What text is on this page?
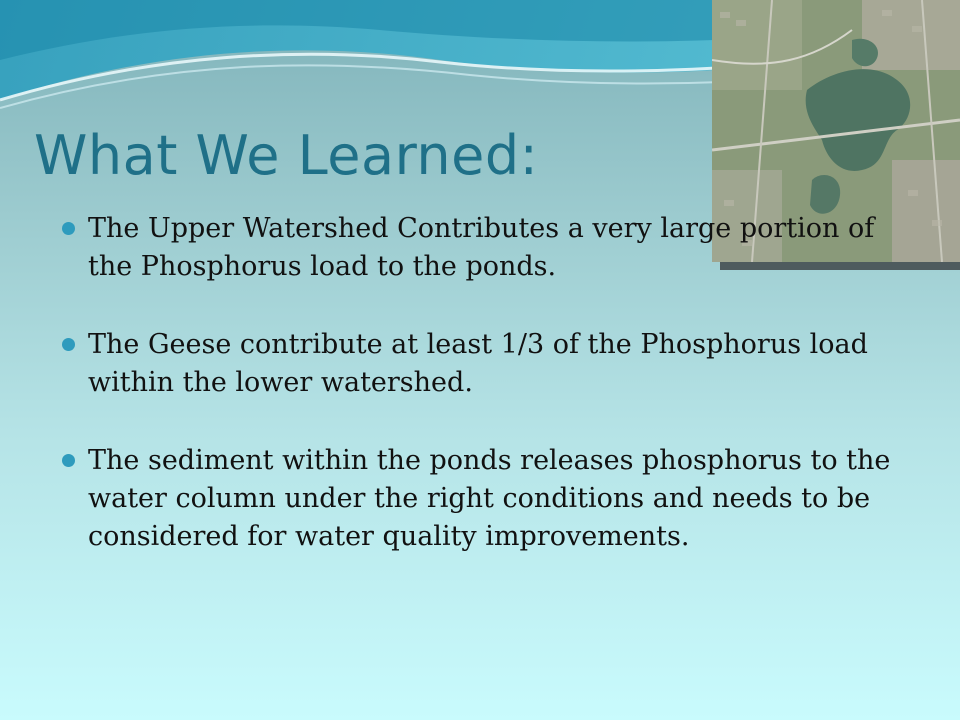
What We Learned:
The Upper Watershed Contributes a very large portion of the Phosphorus load to the ponds.
The Geese contribute at least 1/3 of the Phosphorus load within the lower watershed.
The sediment within the ponds releases phosphorus to the water column under the right conditions and needs to be considered for water quality improvements.
